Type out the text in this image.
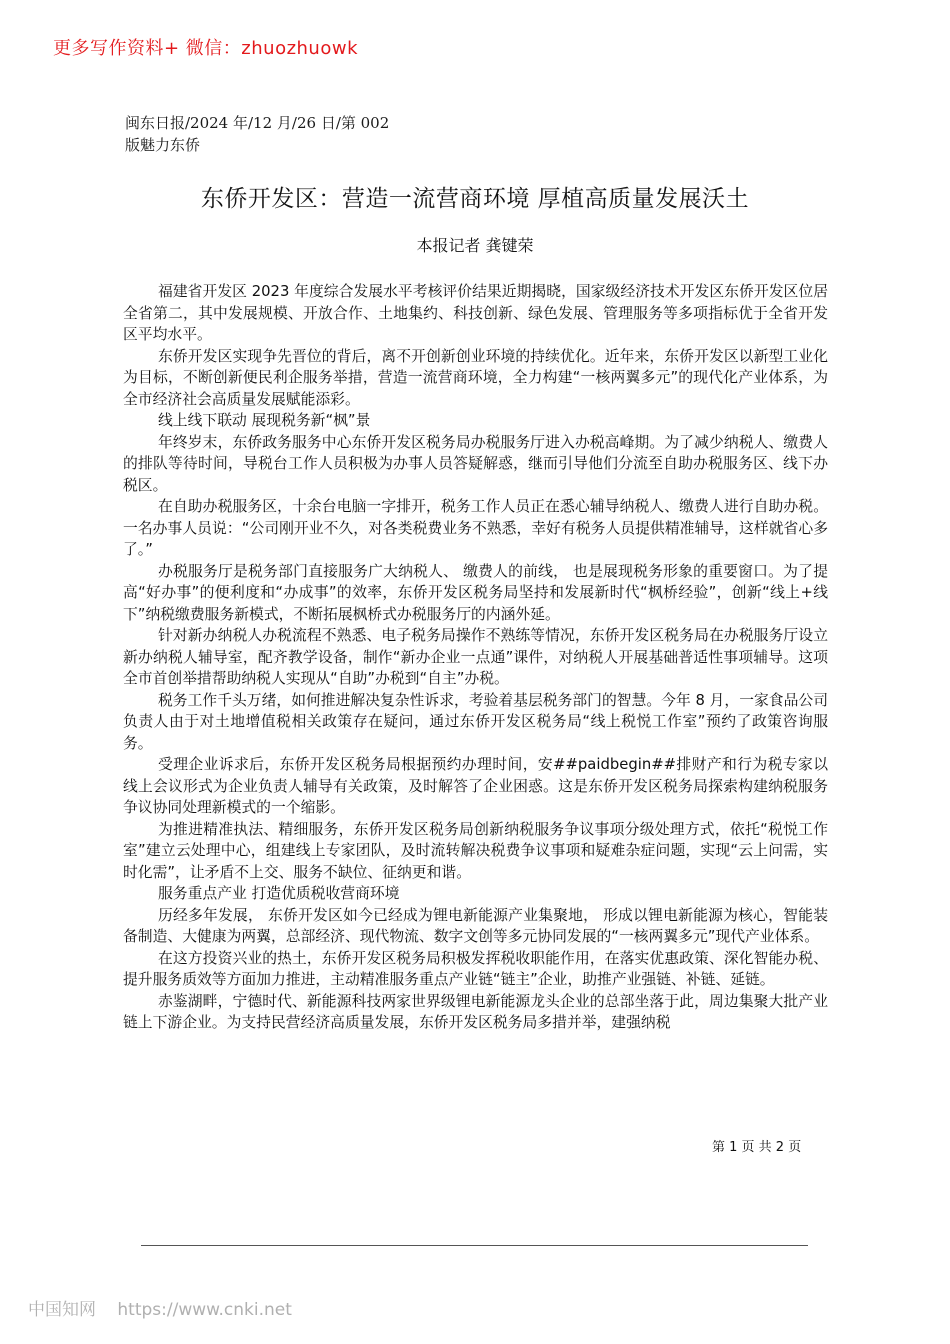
更多写作资料+ 微信：zhuozhuowk
闽东日报/2024 年/12 月/26 日/第 002
版魅力东侨
东侨开发区：营造一流营商环境 厚植高质量发展沃土
本报记者 龚键荣

福建省开发区 2023 年度综合发展水平考核评价结果近期揭晓，国家级经济技术开发区东侨开发区位居全省第二，其中发展规模、开放合作、土地集约、科技创新、绿色发展、管理服务等多项指标优于全省开发区平均水平。

东侨开发区实现争先晋位的背后，离不开创新创业环境的持续优化。近年来，东侨开发区以新型工业化为目标，不断创新便民利企服务举措，营造一流营商环境，全力构建“一核两翼多元”的现代化产业体系，为全市经济社会高质量发展赋能添彩。

线上线下联动 展现税务新“枫”景

年终岁末，东侨政务服务中心东侨开发区税务局办税服务厅进入办税高峰期。为了减少纳税人、缴费人的排队等待时间，导税台工作人员积极为办事人员答疑解惑，继而引导他们分流至自助办税服务区、线下办税区。

在自助办税服务区，十余台电脑一字排开，税务工作人员正在悉心辅导纳税人、缴费人进行自助办税。一名办事人员说：“公司刚开业不久，对各类税费业务不熟悉，幸好有税务人员提供精准辅导，这样就省心多了。”

办税服务厅是税务部门直接服务广大纳税人、 缴费人的前线， 也是展现税务形象的重要窗口。为了提高“好办事”的便利度和“办成事”的效率，东侨开发区税务局坚持和发展新时代“枫桥经验”，创新“线上+线下”纳税缴费服务新模式，不断拓展枫桥式办税服务厅的内涵外延。

针对新办纳税人办税流程不熟悉、电子税务局操作不熟练等情况，东侨开发区税务局在办税服务厅设立新办纳税人辅导室，配齐教学设备，制作“新办企业一点通”课件，对纳税人开展基础普适性事项辅导。这项全市首创举措帮助纳税人实现从“自助”办税到“自主”办税。

税务工作千头万绪，如何推进解决复杂性诉求，考验着基层税务部门的智慧。今年 8 月，一家食品公司负责人由于对土地增值税相关政策存在疑问，通过东侨开发区税务局“线上税悦工作室”预约了政策咨询服务。

受理企业诉求后，东侨开发区税务局根据预约办理时间，安##paidbegin##排财产和行为税专家以线上会议形式为企业负责人辅导有关政策，及时解答了企业困惑。这是东侨开发区税务局探索构建纳税服务争议协同处理新模式的一个缩影。

为推进精准执法、精细服务，东侨开发区税务局创新纳税服务争议事项分级处理方式，依托“税悦工作室”建立云处理中心，组建线上专家团队，及时流转解决税费争议事项和疑难杂症问题，实现“云上问需，实时化需”，让矛盾不上交、服务不缺位、征纳更和谐。

服务重点产业 打造优质税收营商环境

历经多年发展， 东侨开发区如今已经成为锂电新能源产业集聚地， 形成以锂电新能源为核心，智能装备制造、大健康为两翼，总部经济、现代物流、数字文创等多元协同发展的“一核两翼多元”现代产业体系。

在这方投资兴业的热土，东侨开发区税务局积极发挥税收职能作用，在落实优惠政策、深化智能办税、提升服务质效等方面加力推进，主动精准服务重点产业链“链主”企业，助推产业强链、补链、延链。

赤鉴湖畔，宁德时代、新能源科技两家世界级锂电新能源龙头企业的总部坐落于此，周边集聚大批产业链上下游企业。为支持民营经济高质量发展，东侨开发区税务局多措并举，建强纳税

第 1 页 共 2 页
中国知网 https://www.cnki.net
